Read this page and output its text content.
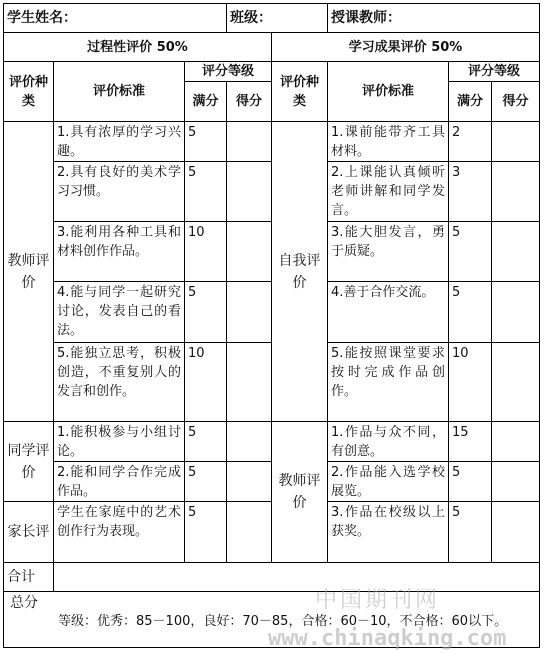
学生姓名：			班级：		授课教师：		
过程性评价 50%				学习成果评价 50%			
评价种类	评价标准	评分等级		评价种类	评价标准	评分等级	
		满分	得分			满分	得分
教师评价	1.具有浓厚的学习兴趣。	5		自我评价	1.课前能带齐工具材料。	2	
	2.具有良好的美术学习习惯。	5			2.上课能认真倾听老师讲解和同学发言。	3	
	3.能利用各种工具和材料创作作品。	10			3.能大胆发言，勇于质疑。	5	
	4.能与同学一起研究讨论，发表自己的看法。	5			4.善于合作交流。	5	
	5.能独立思考，积极创造，不重复别人的发言和创作。	10			5.能按照课堂要求按时完成作品创作。	10	
同学评价	1.能积极参与小组讨论。	5		教师评价	1.作品与众不同，有创意。	15	
	2.能和同学合作完成作品。	5			2.作品能入选学校展览。	5	
家长评	学生在家庭中的艺术创作行为表现。	5			3.作品在校级以上获奖。	5	
合计							

总分
等级：优秀：85－100，良好：70－85，合格：60－10，不合格：60以下。							
中国期刊网
www.chinaqking.com
